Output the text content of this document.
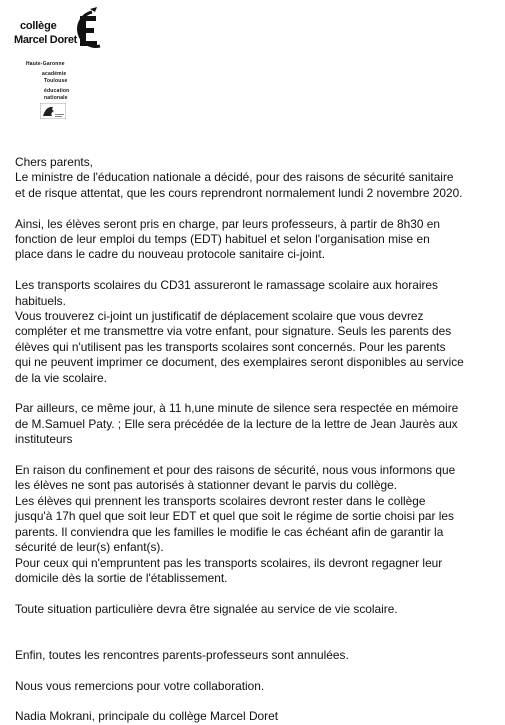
collège
Marcel Doret
Haute-Garonne
académie
Toulouse
éducation
nationale

Chers parents,

Le ministre de l'éducation nationale a décidé, pour des raisons de sécurité sanitaire

et de risque attentat, que les cours reprendront normalement lundi 2 novembre 2020.

Ainsi, les élèves seront pris en charge, par leurs professeurs, à partir de 8h30 en

fonction de leur emploi du temps (EDT) habituel et selon l'organisation mise en

place dans le cadre du nouveau protocole sanitaire ci-joint.

Les transports scolaires du CD31 assureront le ramassage scolaire aux horaires

habituels.

Vous trouverez ci-joint un justificatif de déplacement scolaire que vous devrez

compléter et me transmettre via votre enfant, pour signature. Seuls les parents des

élèves qui n'utilisent pas les transports scolaires sont concernés. Pour les parents

qui ne peuvent imprimer ce document, des exemplaires seront disponibles au service

de la vie scolaire.

Par ailleurs, ce même jour, à 11 h,une minute de silence sera respectée en mémoire

de M.Samuel Paty. ; Elle sera précédée de la lecture de la lettre de Jean Jaurès aux

instituteurs

En raison du confinement et pour des raisons de sécurité, nous vous informons que

les élèves ne sont pas autorisés à stationner devant le parvis du collège.

Les élèves qui prennent les transports scolaires devront rester dans le collège

jusqu'à 17h quel que soit leur EDT et quel que soit le régime de sortie choisi par les

parents. Il conviendra que les familles le modifie le cas échéant afin de garantir la

sécurité de leur(s) enfant(s).

Pour ceux qui n'empruntent pas les transports scolaires, ils devront regagner leur

domicile dès la sortie de l'établissement.

Toute situation particulière devra être signalée au service de vie scolaire.

Enfin, toutes les rencontres parents-professeurs sont annulées.

Nous vous remercions pour votre collaboration.

Nadia Mokrani, principale du collège Marcel Doret
